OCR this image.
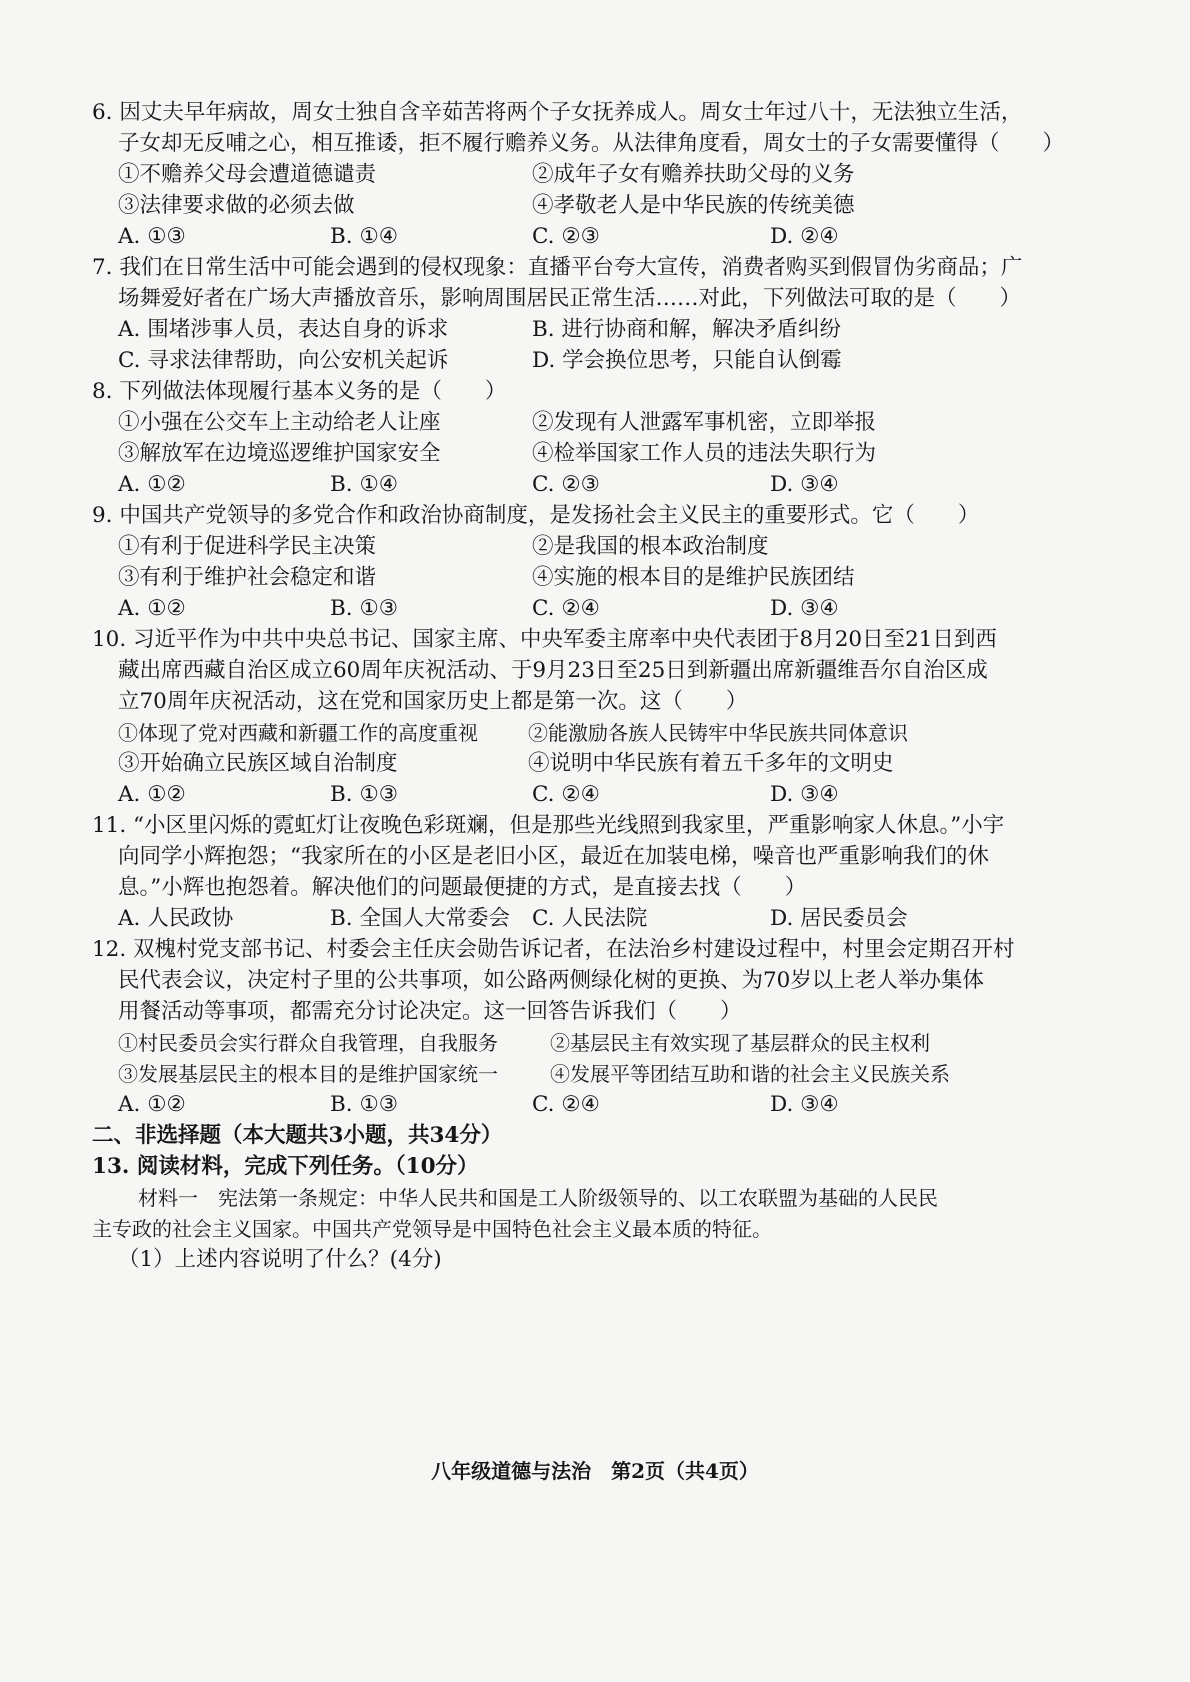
6. 因丈夫早年病故，周女士独自含辛茹苦将两个子女抚养成人。周女士年过八十，无法独立生活，
子女却无反哺之心，相互推诿，拒不履行赡养义务。从法律角度看，周女士的子女需要懂得（　　）
①不赡养父母会遭道德谴责	②成年子女有赡养扶助父母的义务
③法律要求做的必须去做	④孝敬老人是中华民族的传统美德
A. ①③	B. ①④	C. ②③	D. ②④
7. 我们在日常生活中可能会遇到的侵权现象：直播平台夸大宣传，消费者购买到假冒伪劣商品；广
场舞爱好者在广场大声播放音乐，影响周围居民正常生活……对此，下列做法可取的是（　　）
A. 围堵涉事人员，表达自身的诉求	B. 进行协商和解，解决矛盾纠纷
C. 寻求法律帮助，向公安机关起诉	D. 学会换位思考，只能自认倒霉
8. 下列做法体现履行基本义务的是（　　）
①小强在公交车上主动给老人让座	②发现有人泄露军事机密，立即举报
③解放军在边境巡逻维护国家安全	④检举国家工作人员的违法失职行为
A. ①②	B. ①④	C. ②③	D. ③④
9. 中国共产党领导的多党合作和政治协商制度，是发扬社会主义民主的重要形式。它（　　）
①有利于促进科学民主决策	②是我国的根本政治制度
③有利于维护社会稳定和谐	④实施的根本目的是维护民族团结
A. ①②	B. ①③	C. ②④	D. ③④
10. 习近平作为中共中央总书记、国家主席、中央军委主席率中央代表团于8月20日至21日到西
藏出席西藏自治区成立60周年庆祝活动、于9月23日至25日到新疆出席新疆维吾尔自治区成
立70周年庆祝活动，这在党和国家历史上都是第一次。这（　　）
①体现了党对西藏和新疆工作的高度重视	②能激励各族人民铸牢中华民族共同体意识
③开始确立民族区域自治制度	④说明中华民族有着五千多年的文明史
A. ①②	B. ①③	C. ②④	D. ③④
11. “小区里闪烁的霓虹灯让夜晚色彩斑斓，但是那些光线照到我家里，严重影响家人休息。”小宇
向同学小辉抱怨；“我家所在的小区是老旧小区，最近在加装电梯，噪音也严重影响我们的休
息。”小辉也抱怨着。解决他们的问题最便捷的方式，是直接去找（　　）
A. 人民政协	B. 全国人大常委会 C. 人民法院	D. 居民委员会
12. 双槐村党支部书记、村委会主任庆会勋告诉记者，在法治乡村建设过程中，村里会定期召开村
民代表会议，决定村子里的公共事项，如公路两侧绿化树的更换、为70岁以上老人举办集体
用餐活动等事项，都需充分讨论决定。这一回答告诉我们（　　）
①村民委员会实行群众自我管理，自我服务	②基层民主有效实现了基层群众的民主权利
③发展基层民主的根本目的是维护国家统一	④发展平等团结互助和谐的社会主义民族关系
A. ①②	B. ①③	C. ②④	D. ③④
二、非选择题（本大题共3小题，共34分）
13. 阅读材料，完成下列任务。（10分）
材料一　宪法第一条规定：中华人民共和国是工人阶级领导的、以工农联盟为基础的人民民
主专政的社会主义国家。中国共产党领导是中国特色社会主义最本质的特征。
（1）上述内容说明了什么？(4分)
八年级道德与法治　第2页（共4页）
